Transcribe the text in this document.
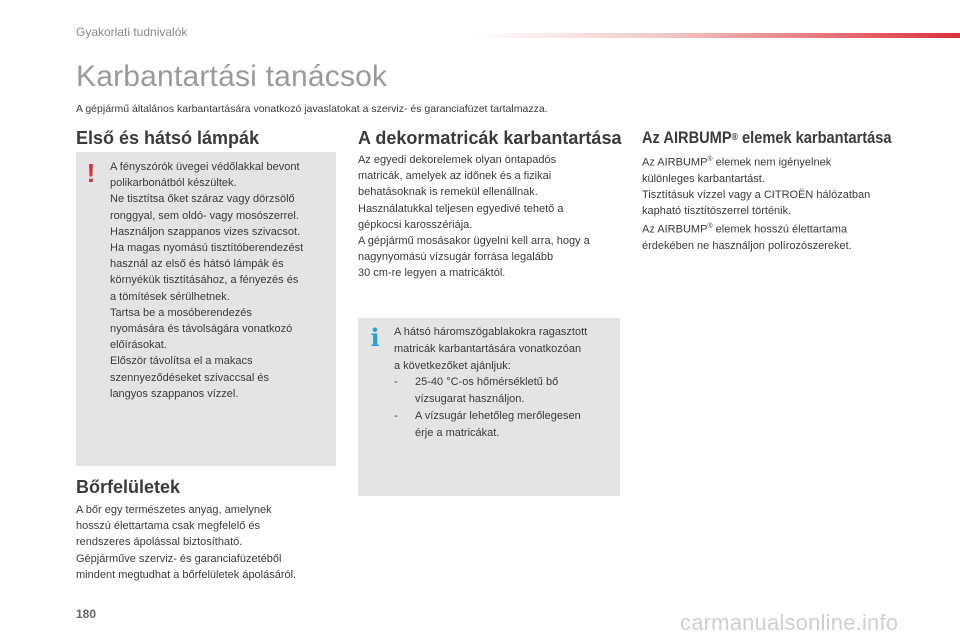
Gyakorlati tudnivalók
Karbantartási tanácsok
A gépjármű általános karbantartására vonatkozó javaslatokat a szerviz- és garanciafüzet tartalmazza.
Első és hátsó lámpák
! A fényszórók üvegei védőlakkal bevont

polikarbonátból készültek.

Ne tisztítsa őket száraz vagy dörzsölő

ronggyal, sem oldó- vagy mosószerrel.

Használjon szappanos vizes szivacsot.

Ha magas nyomású tisztítóberendezést

használ az első és hátsó lámpák és

környékük tisztításához, a fényezés és

a tömítések sérülhetnek.

Tartsa be a mosóberendezés

nyomására és távolságára vonatkozó

előírásokat.

Először távolítsa el a makacs

szennyeződéseket szivaccsal és

langyos szappanos vízzel.

Bőrfelületek

A bőr egy természetes anyag, amelynek

hosszú élettartama csak megfelelő és

rendszeres ápolással biztosítható.

Gépjárműve szerviz- és garanciafüzetéből

mindent megtudhat a bőrfelületek ápolásáról.

A dekormatricák karbantartása

Az egyedi dekorelemek olyan öntapadós

matricák, amelyek az időnek és a fizikai

behatásoknak is remekül ellenállnak.

Használatukkal teljesen egyedivé tehető a

gépkocsi karosszériája.

A gépjármű mosásakor ügyelni kell arra, hogy a

nagynyomású vízsugár forrása legalább

30 cm-re legyen a matricáktól.

i A hátsó háromszögablakokra ragasztott

matricák karbantartására vonatkozóan

a következőket ajánljuk:

-	25-40 °C-os hőmérsékletű bő

vízsugarat használjon.

-	A vízsugár lehetőleg merőlegesen

érje a matricákat.

Az AIRBUMP® elemek karbantartása

Az AIRBUMP® elemek nem igényelnek

különleges karbantartást.

Tisztításuk vízzel vagy a CITROËN hálózatban

kapható tisztítószerrel történik.

Az AIRBUMP® elemek hosszú élettartama

érdekében ne használjon polírozószereket.

180	carmanualsonline.info
